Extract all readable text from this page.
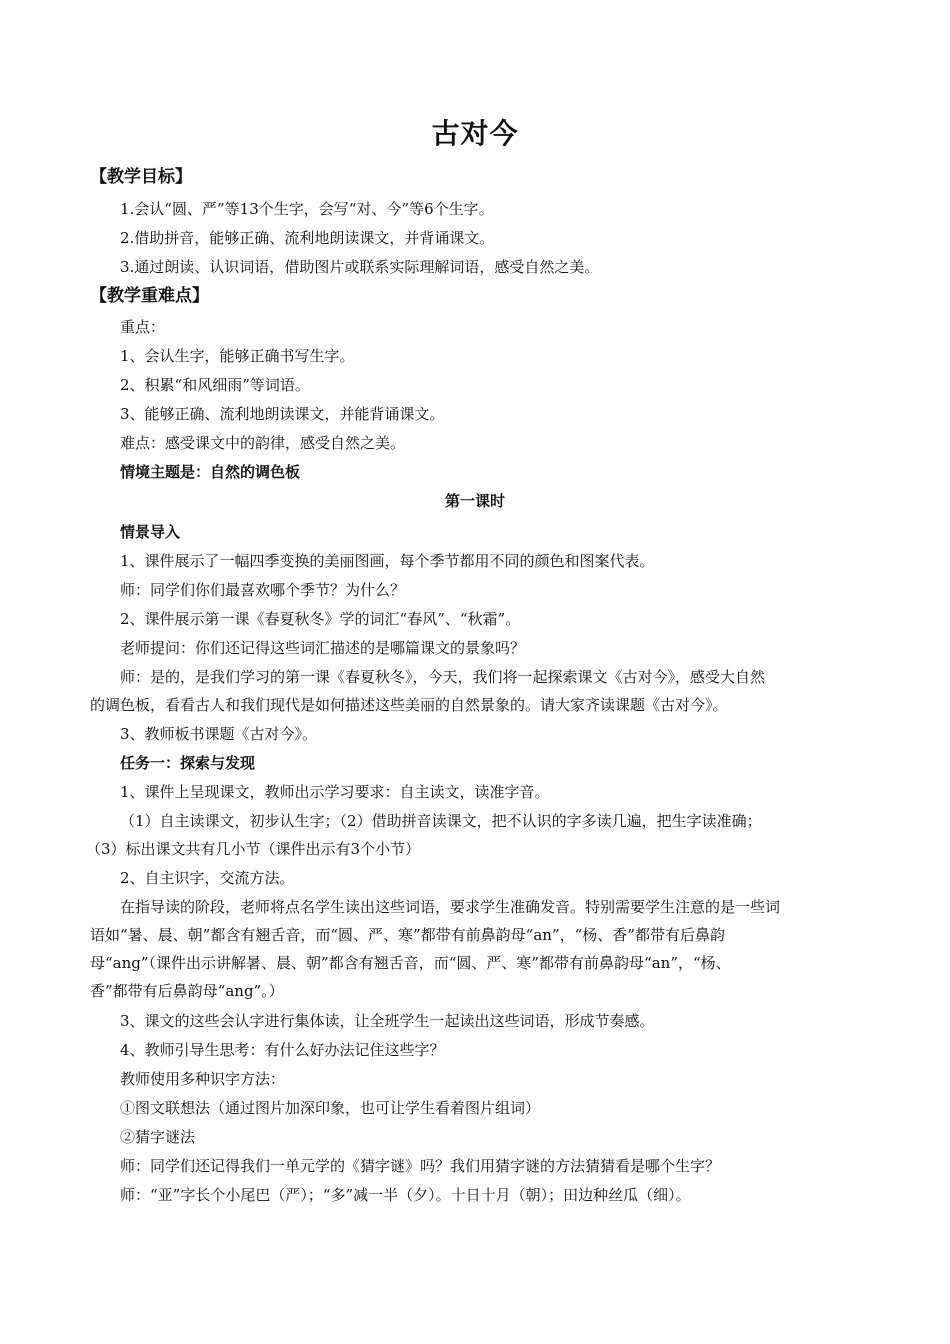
古对今
【教学目标】
1.会认“圆、严”等13个生字，会写“对、今”等6个生字。
2.借助拼音，能够正确、流利地朗读课文，并背诵课文。
3.通过朗读、认识词语，借助图片或联系实际理解词语，感受自然之美。
【教学重难点】
重点：
1、会认生字，能够正确书写生字。
2、积累“和风细雨”等词语。
3、能够正确、流利地朗读课文，并能背诵课文。
难点：感受课文中的韵律，感受自然之美。
情境主题是：自然的调色板
第一课时
情景导入
1、课件展示了一幅四季变换的美丽图画，每个季节都用不同的颜色和图案代表。
师：同学们你们最喜欢哪个季节？为什么？
2、课件展示第一课《春夏秋冬》学的词汇“春风”、“秋霜”。
老师提问：你们还记得这些词汇描述的是哪篇课文的景象吗？
师：是的，是我们学习的第一课《春夏秋冬》，今天，我们将一起探索课文《古对今》，感受大自然
的调色板，看看古人和我们现代是如何描述这些美丽的自然景象的。请大家齐读课题《古对今》。
3、教师板书课题《古对今》。
任务一：探索与发现
1、课件上呈现课文，教师出示学习要求：自主读文，读准字音。
（1）自主读课文，初步认生字；（2）借助拼音读课文，把不认识的字多读几遍，把生字读准确；
（3）标出课文共有几小节（课件出示有3个小节）
2、自主识字，交流方法。
在指导读的阶段，老师将点名学生读出这些词语，要求学生准确发音。特别需要学生注意的是一些词
语如“暑、晨、朝”都含有翘舌音，而“圆、严、寒”都带有前鼻韵母“an”，“杨、香”都带有后鼻韵
母“ang”（课件出示讲解暑、晨、朝”都含有翘舌音，而“圆、严、寒”都带有前鼻韵母“an”，“杨、
香”都带有后鼻韵母“ang”。）
3、课文的这些会认字进行集体读，让全班学生一起读出这些词语，形成节奏感。
4、教师引导生思考：有什么好办法记住这些字？
教师使用多种识字方法：
①图文联想法（通过图片加深印象，也可让学生看着图片组词）
②猜字谜法
师：同学们还记得我们一单元学的《猜字谜》吗？我们用猜字谜的方法猜猜看是哪个生字？
师：“亚”字长个小尾巴（严）；“多”减一半（夕）。十日十月（朝）；田边种丝瓜（细）。
